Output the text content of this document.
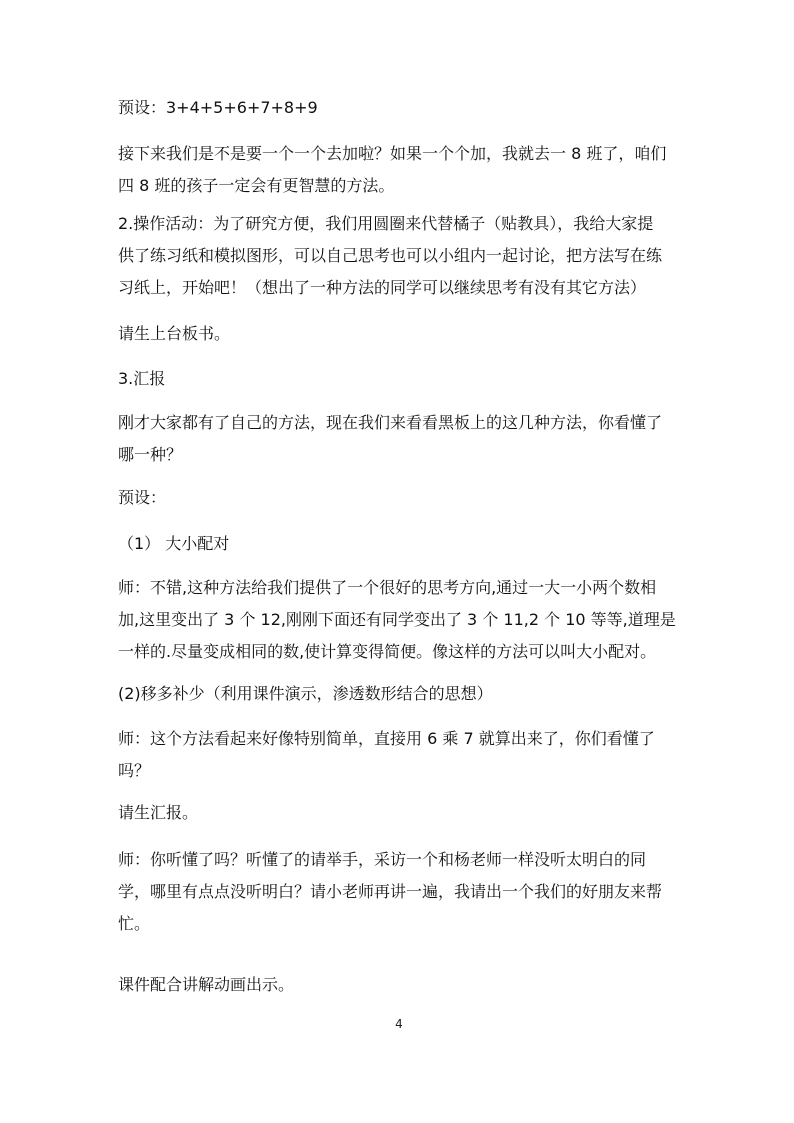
预设：3+4+5+6+7+8+9

接下来我们是不是要一个一个去加啦？如果一个个加，我就去一 8 班了，咱们
四 8 班的孩子一定会有更智慧的方法。

2.操作活动：为了研究方便，我们用圆圈来代替橘子（贴教具），我给大家提
供了练习纸和模拟图形，可以自己思考也可以小组内一起讨论，把方法写在练
习纸上，开始吧！（想出了一种方法的同学可以继续思考有没有其它方法）

请生上台板书。

3.汇报

刚才大家都有了自己的方法，现在我们来看看黑板上的这几种方法，你看懂了
哪一种？

预设：

（1） 大小配对

师：不错,这种方法给我们提供了一个很好的思考方向,通过一大一小两个数相
加,这里变出了 3 个 12,刚刚下面还有同学变出了 3 个 11,2 个 10 等等,道理是
一样的.尽量变成相同的数,使计算变得简便。像这样的方法可以叫大小配对。

(2)移多补少（利用课件演示，渗透数形结合的思想）

师：这个方法看起来好像特别简单，直接用 6 乘 7 就算出来了，你们看懂了
吗？

请生汇报。

师：你听懂了吗？听懂了的请举手，采访一个和杨老师一样没听太明白的同
学，哪里有点点没听明白？请小老师再讲一遍，我请出一个我们的好朋友来帮
忙。

课件配合讲解动画出示。

4
